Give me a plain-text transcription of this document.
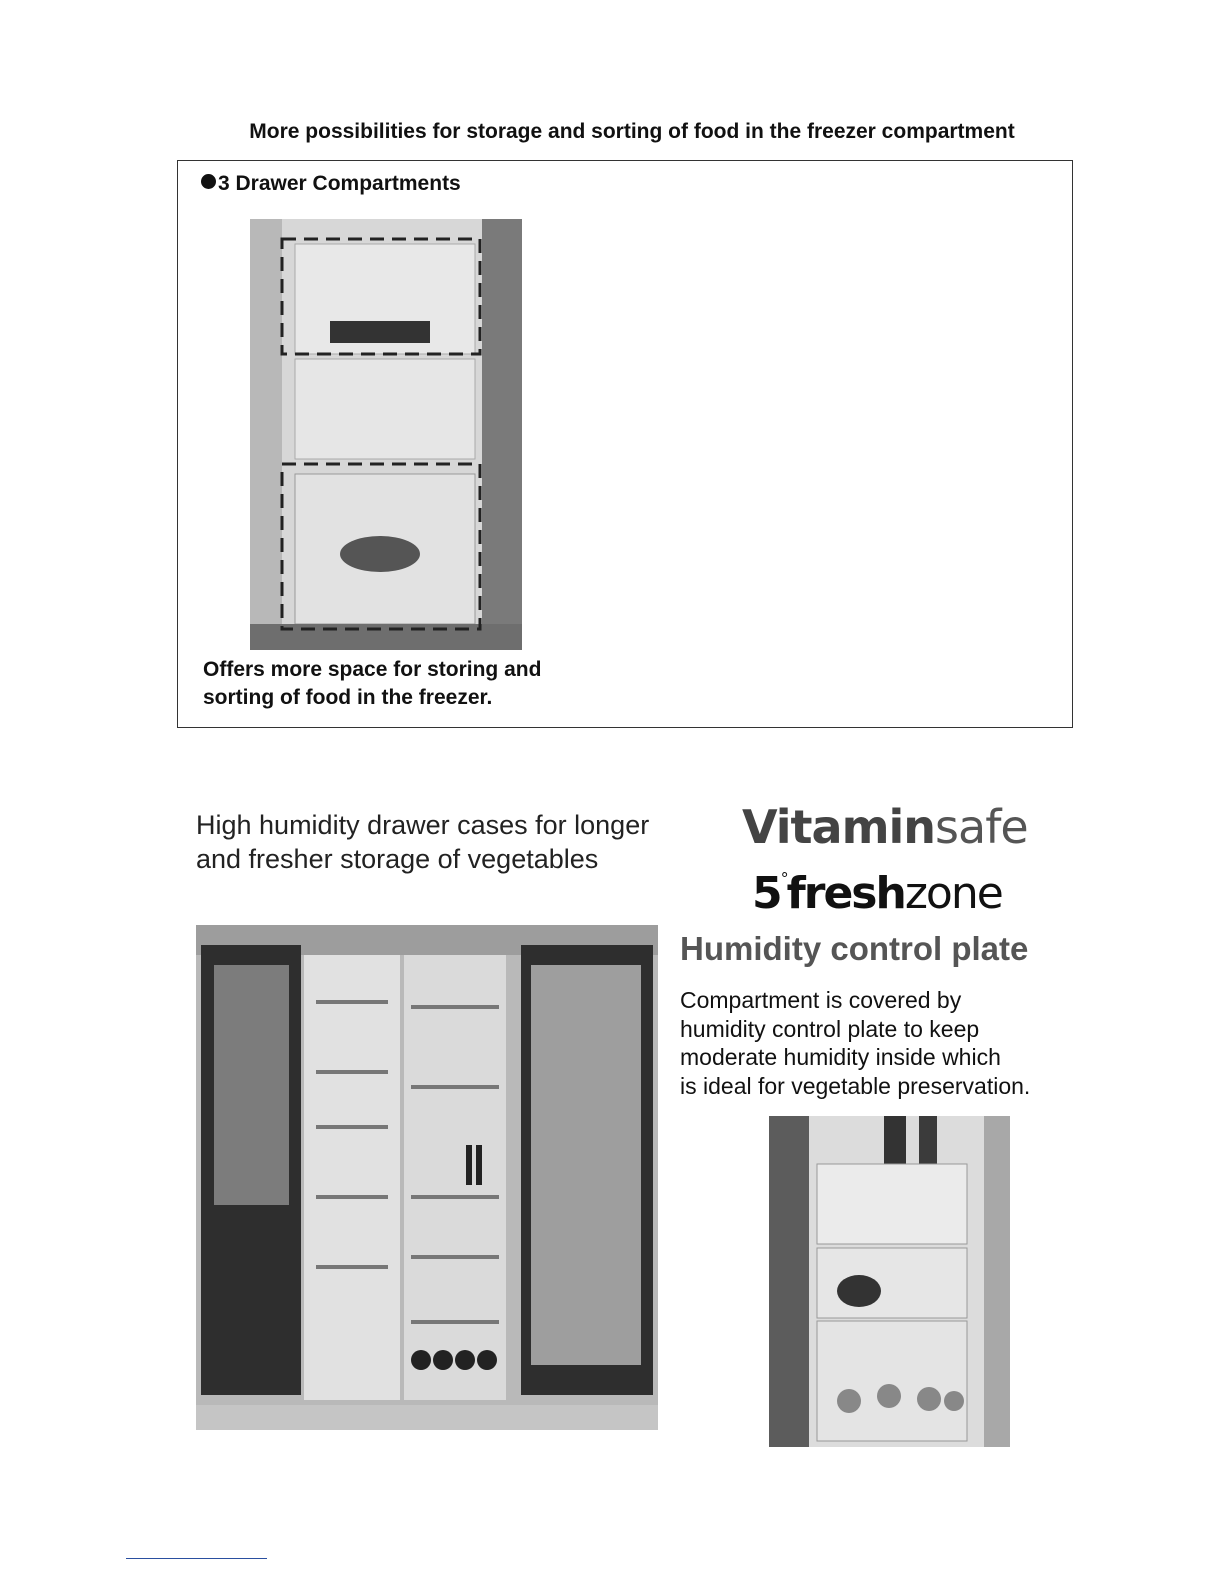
More possibilities for storage and sorting of food in the freezer compartment
3 Drawer Compartments
Offers more space for storing and
sorting of food in the freezer.
High humidity drawer cases for longer
and fresher storage of vegetables
Vitaminsafe
5°freshzone
Humidity control plate
Compartment is covered by
humidity control plate to keep
moderate humidity inside which
is ideal for vegetable preservation.
